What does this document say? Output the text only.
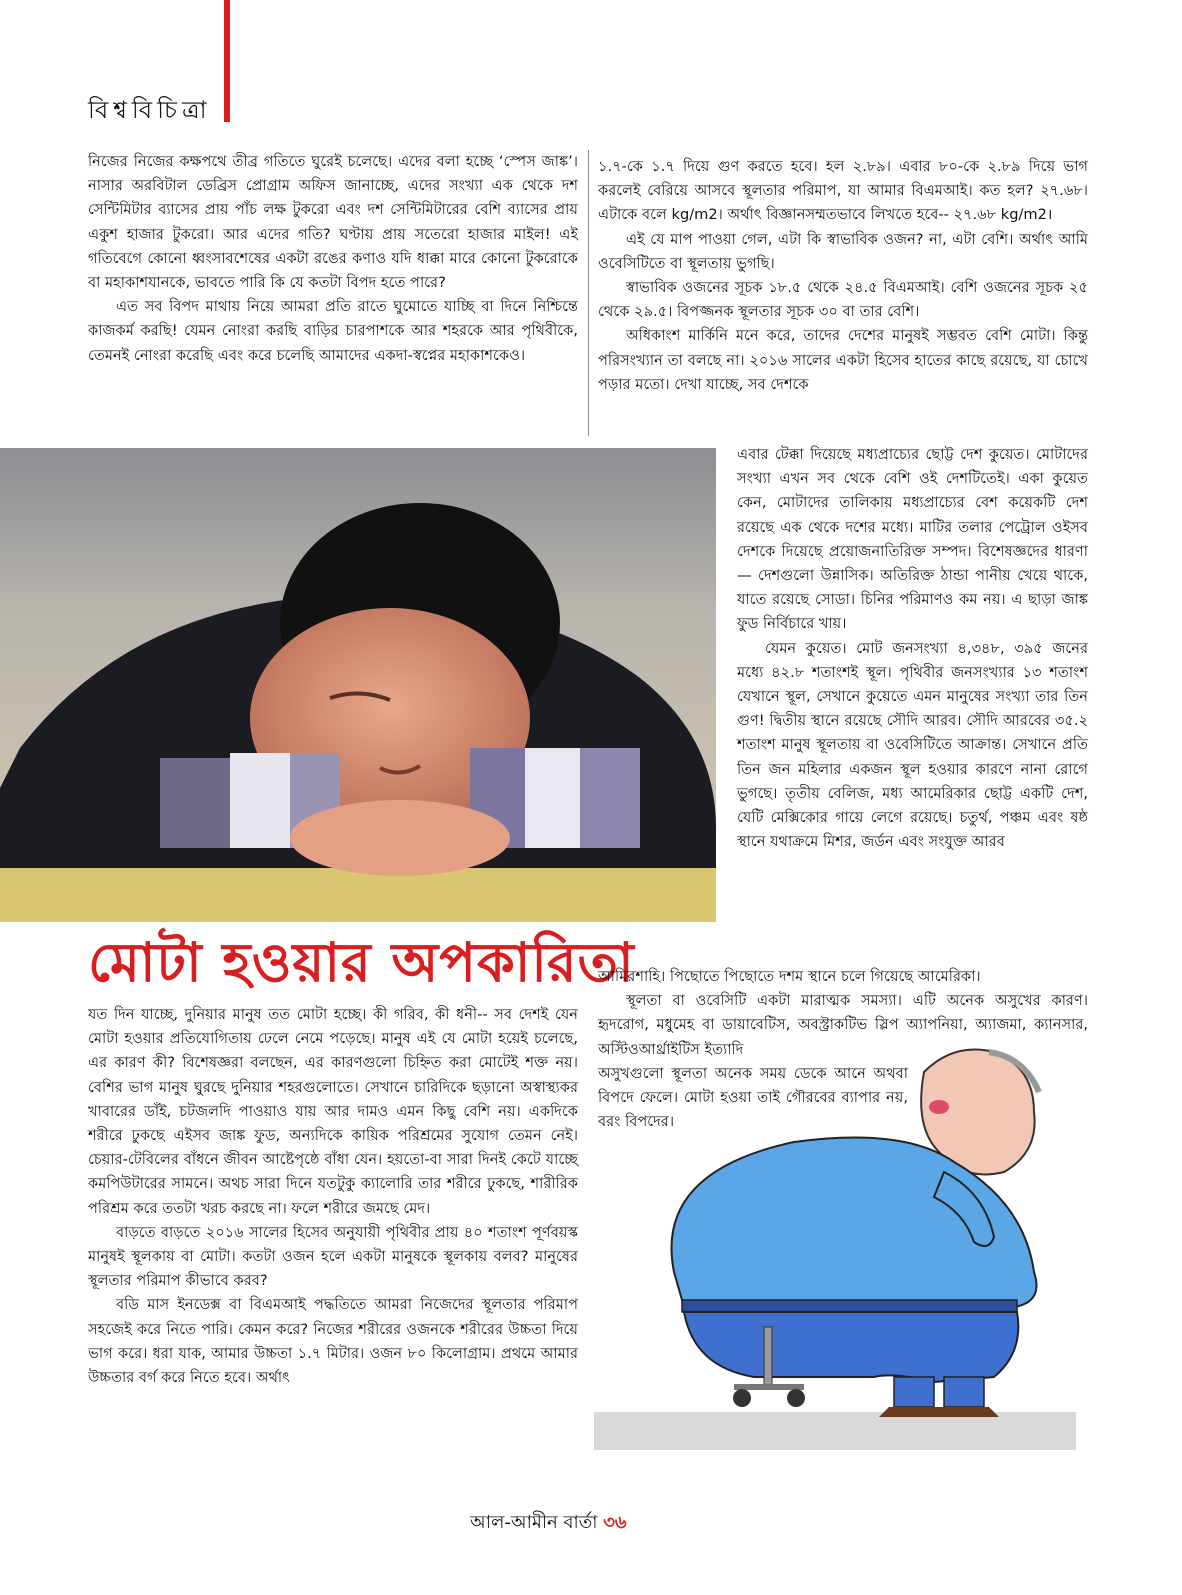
বিশ্ববিচিত্রা

নিজের নিজের কক্ষপথে তীব্র গতিতে ঘুরেই চলেছে। এদের বলা হচ্ছে ‘স্পেস জাঙ্ক’। নাসার অরবিটাল ডেব্রিস প্রোগ্রাম অফিস জানাচ্ছে, এদের সংখ্যা এক থেকে দশ সেন্টিমিটার ব্যাসের প্রায় পাঁচ লক্ষ টুকরো এবং দশ সেন্টিমিটারের বেশি ব্যাসের প্রায় একুশ হাজার টুকরো। আর এদের গতি? ঘণ্টায় প্রায় সতেরো হাজার মাইল! এই গতিবেগে কোনো ধ্বংসাবশেষের একটা রঙের কণাও যদি ধাক্কা মারে কোনো টুকরোকে বা মহাকাশযানকে, ভাবতে পারি কি যে কতটা বিপদ হতে পারে?

এত সব বিপদ মাথায় নিয়ে আমরা প্রতি রাতে ঘুমোতে যাচ্ছি বা দিনে নিশ্চিন্তে কাজকর্ম করছি! যেমন নোংরা করছি বাড়ির চারপাশকে আর শহরকে আর পৃথিবীকে, তেমনই নোংরা করেছি এবং করে চলেছি আমাদের একদা-স্বপ্নের মহাকাশকেও।

১.৭-কে ১.৭ দিয়ে গুণ করতে হবে। হল ২.৮৯। এবার ৮০-কে ২.৮৯ দিয়ে ভাগ করলেই বেরিয়ে আসবে স্থূলতার পরিমাপ, যা আমার বিএমআই। কত হল? ২৭.৬৮। এটাকে বলে kg/m2। অর্থাৎ বিজ্ঞানসম্মতভাবে লিখতে হবে-- ২৭.৬৮ kg/m2।

এই যে মাপ পাওয়া গেল, এটা কি স্বাভাবিক ওজন? না, এটা বেশি। অর্থাৎ আমি ওবেসিটিতে বা স্থূলতায় ভুগছি।

স্বাভাবিক ওজনের সূচক ১৮.৫ থেকে ২৪.৫ বিএমআই। বেশি ওজনের সূচক ২৫ থেকে ২৯.৫। বিপজ্জনক স্থূলতার সূচক ৩০ বা তার বেশি।

অধিকাংশ মার্কিনি মনে করে, তাদের দেশের মানুষই সম্ভবত বেশি মোটা। কিন্তু পরিসংখ্যান তা বলছে না। ২০১৬ সালের একটা হিসেব হাতের কাছে রয়েছে, যা চোখে পড়ার মতো। দেখা যাচ্ছে, সব দেশকে

এবার টেক্কা দিয়েছে মধ্যপ্রাচ্যের ছোট্ট দেশ কুয়েত। মোটাদের সংখ্যা এখন সব থেকে বেশি ওই দেশটিতেই। একা কুয়েত কেন, মোটাদের তালিকায় মধ্যপ্রাচ্যের বেশ কয়েকটি দেশ রয়েছে এক থেকে দশের মধ্যে। মাটির তলার পেট্রোল ওইসব দেশকে দিয়েছে প্রয়োজনাতিরিক্ত সম্পদ। বিশেষজ্ঞদের ধারণা— দেশগুলো উন্নাসিক। অতিরিক্ত ঠান্ডা পানীয় খেয়ে থাকে, যাতে রয়েছে সোডা। চিনির পরিমাণও কম নয়। এ ছাড়া জাঙ্ক ফুড নির্বিচারে খায়।

যেমন কুয়েত। মোট জনসংখ্যা ৪,৩৪৮, ৩৯৫ জনের মধ্যে ৪২.৮ শতাংশই স্থূল। পৃথিবীর জনসংখ্যার ১৩ শতাংশ যেখানে স্থূল, সেখানে কুয়েতে এমন মানুষের সংখ্যা তার তিন গুণ! দ্বিতীয় স্থানে রয়েছে সৌদি আরব। সৌদি আরবের ৩৫.২ শতাংশ মানুষ স্থূলতায় বা ওবেসিটিতে আক্রান্ত। সেখানে প্রতি তিন জন মহিলার একজন স্থূল হওয়ার কারণে নানা রোগে ভুগছে। তৃতীয় বেলিজ, মধ্য আমেরিকার ছোট্ট একটি দেশ, যেটি মেক্সিকোর গায়ে লেগে রয়েছে। চতুর্থ, পঞ্চম এবং ষষ্ঠ স্থানে যথাক্রমে মিশর, জর্ডন এবং সংযুক্ত আরব

মোটা হওয়ার অপকারিতা

যত দিন যাচ্ছে, দুনিয়ার মানুষ তত মোটা হচ্ছে। কী গরিব, কী ধনী-- সব দেশই যেন মোটা হওয়ার প্রতিযোগিতায় ঢেলে নেমে পড়েছে। মানুষ এই যে মোটা হয়েই চলেছে, এর কারণ কী? বিশেষজ্ঞরা বলছেন, এর কারণগুলো চিহ্নিত করা মোটেই শক্ত নয়। বেশির ভাগ মানুষ ঘুরছে দুনিয়ার শহরগুলোতে। সেখানে চারিদিকে ছড়ানো অস্বাস্থ্যকর খাবারের ডাঁই, চটজলদি পাওয়াও যায় আর দামও এমন কিছু বেশি নয়। একদিকে শরীরে ঢুকছে এইসব জাঙ্ক ফুড, অন্যদিকে কায়িক পরিশ্রমের সুযোগ তেমন নেই। চেয়ার-টেবিলের বাঁধনে জীবন আষ্টেপৃষ্ঠে বাঁধা যেন। হয়তো-বা সারা দিনই কেটে যাচ্ছে কমপিউটারের সামনে। অথচ সারা দিনে যতটুকু ক্যালোরি তার শরীরে ঢুকছে, শারীরিক পরিশ্রম করে ততটা খরচ করছে না। ফলে শরীরে জমছে মেদ।

বাড়তে বাড়তে ২০১৬ সালের হিসেব অনুযায়ী পৃথিবীর প্রায় ৪০ শতাংশ পূর্ণবয়স্ক মানুষই স্থূলকায় বা মোটা। কতটা ওজন হলে একটা মানুষকে স্থূলকায় বলব? মানুষের স্থূলতার পরিমাপ কীভাবে করব?

বডি মাস ইনডেক্স বা বিএমআই পদ্ধতিতে আমরা নিজেদের স্থূলতার পরিমাপ সহজেই করে নিতে পারি। কেমন করে? নিজের শরীরের ওজনকে শরীরের উচ্চতা দিয়ে ভাগ করে। ধরা যাক, আমার উচ্চতা ১.৭ মিটার। ওজন ৮০ কিলোগ্রাম। প্রথমে আমার উচ্চতার বর্গ করে নিতে হবে। অর্থাৎ

আমিরশাহি। পিছোতে পিছোতে দশম স্থানে চলে গিয়েছে আমেরিকা।

স্থূলতা বা ওবেসিটি একটা মারাত্মক সমস্যা। এটি অনেক অসুখের কারণ। হৃদরোগ, মধুমেহ বা ডায়াবেটিস, অবস্ট্রাকটিভ স্লিপ অ্যাপনিয়া, অ্যাজমা, ক্যানসার, অস্টিওআর্থ্রাইটিস ইত্যাদি

অসুখগুলো স্থূলতা অনেক সময় ডেকে আনে অথবা বিপদে ফেলে। মোটা হওয়া তাই গৌরবের ব্যাপার নয়, বরং বিপদের।

আল-আমীন বার্তা ৩৬
